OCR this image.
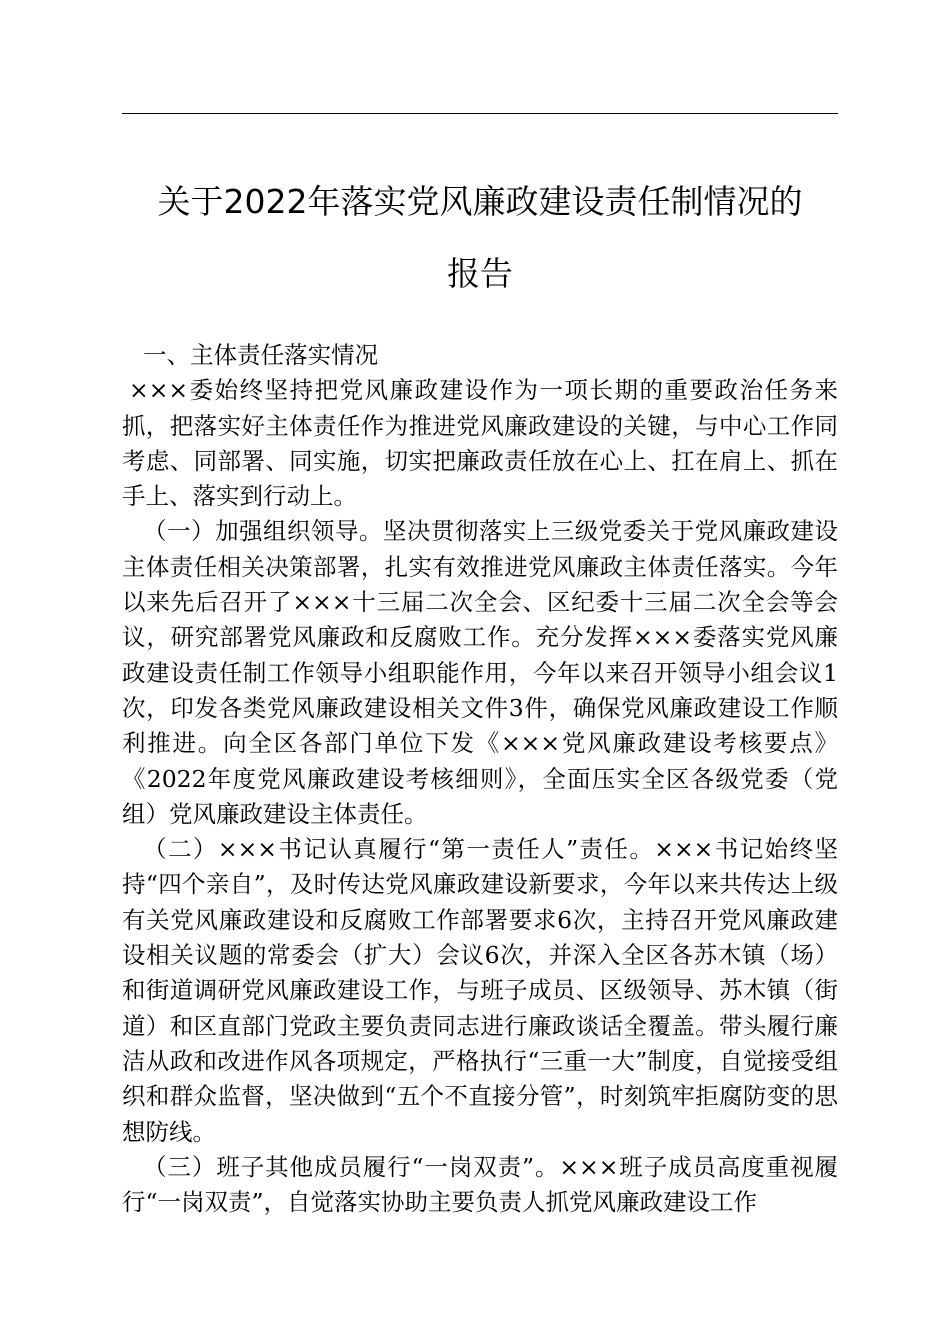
关于2022年落实党风廉政建设责任制情况的
报告

一、主体责任落实情况

×××委始终坚持把党风廉政建设作为一项长期的重要政治任务来抓，把落实好主体责任作为推进党风廉政建设的关键，与中心工作同考虑、同部署、同实施，切实把廉政责任放在心上、扛在肩上、抓在手上、落实到行动上。

（一）加强组织领导。坚决贯彻落实上三级党委关于党风廉政建设主体责任相关决策部署，扎实有效推进党风廉政主体责任落实。今年以来先后召开了×××十三届二次全会、区纪委十三届二次全会等会议，研究部署党风廉政和反腐败工作。充分发挥×××委落实党风廉政建设责任制工作领导小组职能作用，今年以来召开领导小组会议1次，印发各类党风廉政建设相关文件3件，确保党风廉政建设工作顺利推进。向全区各部门单位下发《×××党风廉政建设考核要点》《2022年度党风廉政建设考核细则》，全面压实全区各级党委（党组）党风廉政建设主体责任。

（二）×××书记认真履行“第一责任人”责任。×××书记始终坚持“四个亲自”，及时传达党风廉政建设新要求，今年以来共传达上级有关党风廉政建设和反腐败工作部署要求6次，主持召开党风廉政建设相关议题的常委会（扩大）会议6次，并深入全区各苏木镇（场）和街道调研党风廉政建设工作，与班子成员、区级领导、苏木镇（街道）和区直部门党政主要负责同志进行廉政谈话全覆盖。带头履行廉洁从政和改进作风各项规定，严格执行“三重一大”制度，自觉接受组织和群众监督，坚决做到“五个不直接分管”，时刻筑牢拒腐防变的思想防线。

（三）班子其他成员履行“一岗双责”。×××班子成员高度重视履行“一岗双责”，自觉落实协助主要负责人抓党风廉政建设工作
